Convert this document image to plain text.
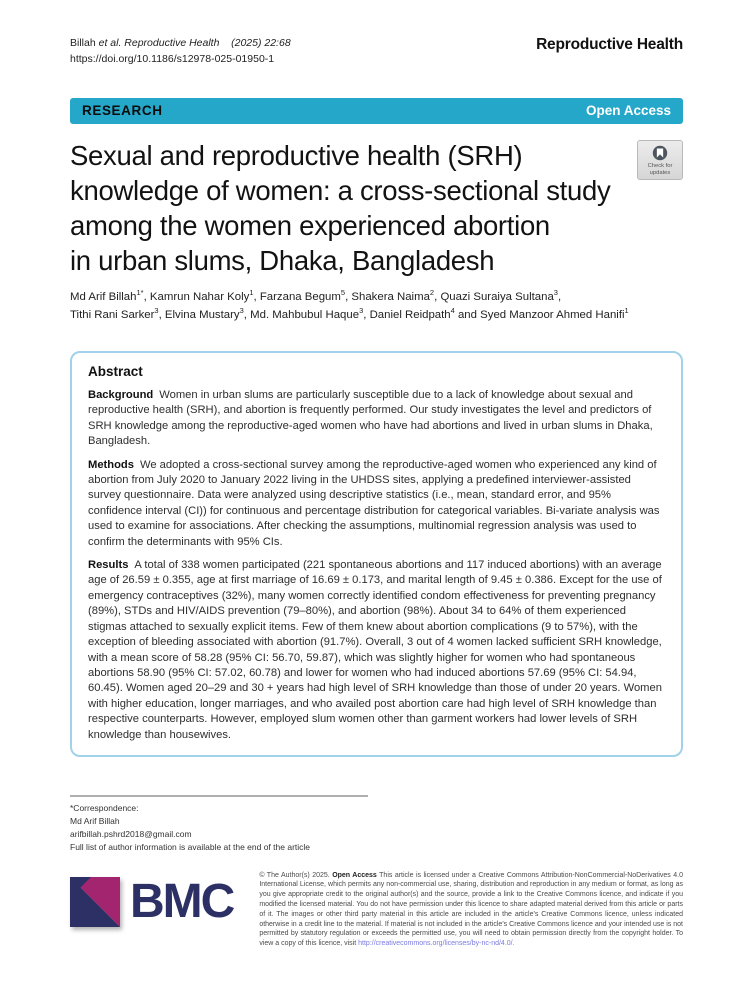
Billah et al. Reproductive Health (2025) 22:68
https://doi.org/10.1186/s12978-025-01950-1
Reproductive Health
RESEARCH	Open Access
Sexual and reproductive health (SRH)
knowledge of women: a cross-sectional study
among the women experienced abortion
in urban slums, Dhaka, Bangladesh
Check for
updates
Md Arif Billah$^{1*}$, Kamrun Nahar Koly$^1$, Farzana Begum$^5$, Shakera Naima$^2$, Quazi Suraiya Sultana$^3$,
Tithi Rani Sarker$^3$, Elvina Mustary$^3$, Md. Mahbubul Haque$^3$, Daniel Reidpath$^4$ and Syed Manzoor Ahmed Hanifi$^1$
Abstract

Background Women in urban slums are particularly susceptible due to a lack of knowledge about sexual and reproductive health (SRH), and abortion is frequently performed. Our study investigates the level and predictors of SRH knowledge among the reproductive-aged women who have had abortions and lived in urban slums in Dhaka, Bangladesh.

Methods We adopted a cross-sectional survey among the reproductive-aged women who experienced any kind of abortion from July 2020 to January 2022 living in the UHDSS sites, applying a predefined interviewer-assisted survey questionnaire. Data were analyzed using descriptive statistics (i.e., mean, standard error, and 95% confidence interval (CI)) for continuous and percentage distribution for categorical variables. Bi-variate analysis was used to examine for associations. After checking the assumptions, multinomial regression analysis was used to confirm the determinants with 95% CIs.

Results A total of 338 women participated (221 spontaneous abortions and 117 induced abortions) with an average age of 26.59 ± 0.355, age at first marriage of 16.69 ± 0.173, and marital length of 9.45 ± 0.386. Except for the use of emergency contraceptives (32%), many women correctly identified condom effectiveness for preventing pregnancy (89%), STDs and HIV/AIDS prevention (79–80%), and abortion (98%). About 34 to 64% of them experienced stigmas attached to sexually explicit items. Few of them knew about abortion complications (9 to 57%), with the exception of bleeding associated with abortion (91.7%). Overall, 3 out of 4 women lacked sufficient SRH knowledge, with a mean score of 58.28 (95% CI: 56.70, 59.87), which was slightly higher for women who had spontaneous abortions 58.90 (95% CI: 57.02, 60.78) and lower for women who had induced abortions 57.69 (95% CI: 54.94, 60.45). Women aged 20–29 and 30 + years had high level of SRH knowledge than those of under 20 years. Women with higher education, longer marriages, and who availed post abortion care had high level of SRH knowledge than respective counterparts. However, employed slum women other than garment workers had lower levels of SRH knowledge than housewives.

*Correspondence:
Md Arif Billah
arifbillah.pshrd2018@gmail.com
Full list of author information is available at the end of the article
BMC	© The Author(s) 2025. Open Access This article is licensed under a Creative Commons Attribution-NonCommercial-NoDerivatives 4.0 International License, which permits any non-commercial use, sharing, distribution and reproduction in any medium or format, as long as you give appropriate credit to the original author(s) and the source, provide a link to the Creative Commons licence, and indicate if you modified the licensed material. You do not have permission under this licence to share adapted material derived from this article or parts of it. The images or other third party material in this article are included in the article's Creative Commons licence, unless indicated otherwise in a credit line to the material. If material is not included in the article's Creative Commons licence and your intended use is not permitted by statutory regulation or exceeds the permitted use, you will need to obtain permission directly from the copyright holder. To view a copy of this licence, visit http://creativecommons.org/licenses/by-nc-nd/4.0/.
